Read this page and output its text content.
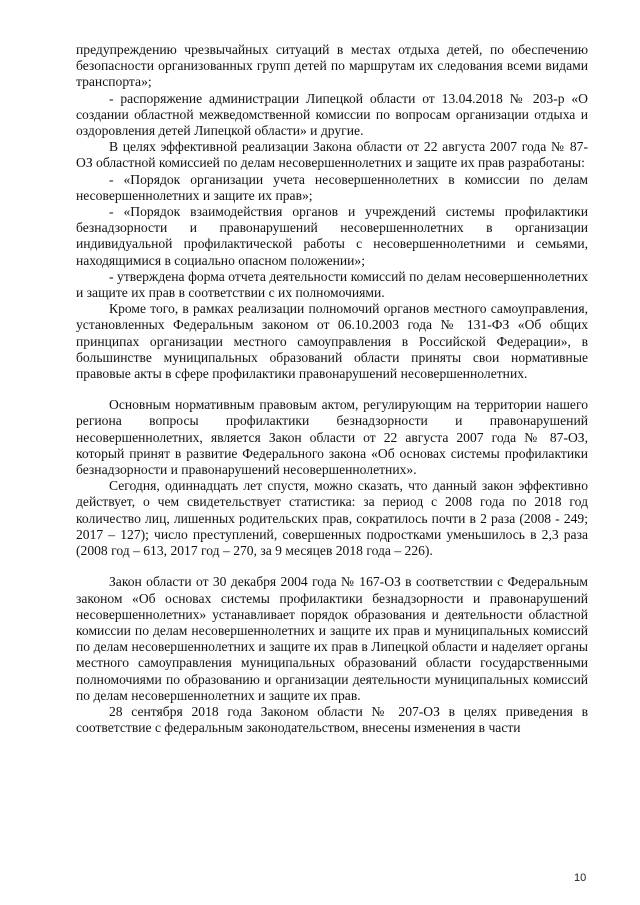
предупреждению чрезвычайных ситуаций в местах отдыха детей, по обеспечению безопасности организованных групп детей по маршрутам их следования всеми видами транспорта»;

- распоряжение администрации Липецкой области от 13.04.2018 № 203-р «О создании областной межведомственной комиссии по вопросам организации отдыха и оздоровления детей Липецкой области» и другие.

В целях эффективной реализации Закона области от 22 августа 2007 года № 87-ОЗ областной комиссией по делам несовершеннолетних и защите их прав разработаны:

- «Порядок организации учета несовершеннолетних в комиссии по делам несовершеннолетних и защите их прав»;

- «Порядок взаимодействия органов и учреждений системы профилактики безнадзорности и правонарушений несовершеннолетних в организации индивидуальной профилактической работы с несовершеннолетними и семьями, находящимися в социально опасном положении»;

- утверждена форма отчета деятельности комиссий по делам несовершеннолетних и защите их прав в соответствии с их полномочиями.

Кроме того, в рамках реализации полномочий органов местного самоуправления, установленных Федеральным законом от 06.10.2003 года № 131-ФЗ «Об общих принципах организации местного самоуправления в Российской Федерации», в большинстве муниципальных образований области приняты свои нормативные правовые акты в сфере профилактики правонарушений несовершеннолетних.

Основным нормативным правовым актом, регулирующим на территории нашего региона вопросы профилактики безнадзорности и правонарушений несовершеннолетних, является Закон области от 22 августа 2007 года № 87-ОЗ, который принят в развитие Федерального закона «Об основах системы профилактики безнадзорности и правонарушений несовершеннолетних».

Сегодня, одиннадцать лет спустя, можно сказать, что данный закон эффективно действует, о чем свидетельствует статистика: за период с 2008 года по 2018 год количество лиц, лишенных родительских прав, сократилось почти в 2 раза (2008 - 249; 2017 – 127); число преступлений, совершенных подростками уменьшилось в 2,3 раза (2008 год – 613, 2017 год – 270, за 9 месяцев 2018 года – 226).

Закон области от 30 декабря 2004 года № 167-ОЗ в соответствии с Федеральным законом «Об основах системы профилактики безнадзорности и правонарушений несовершеннолетних» устанавливает порядок образования и деятельности областной комиссии по делам несовершеннолетних и защите их прав и муниципальных комиссий по делам несовершеннолетних и защите их прав в Липецкой области и наделяет органы местного самоуправления муниципальных образований области государственными полномочиями по образованию и организации деятельности муниципальных комиссий по делам несовершеннолетних и защите их прав.

28 сентября 2018 года Законом области № 207-ОЗ в целях приведения в соответствие с федеральным законодательством, внесены изменения в части

10
